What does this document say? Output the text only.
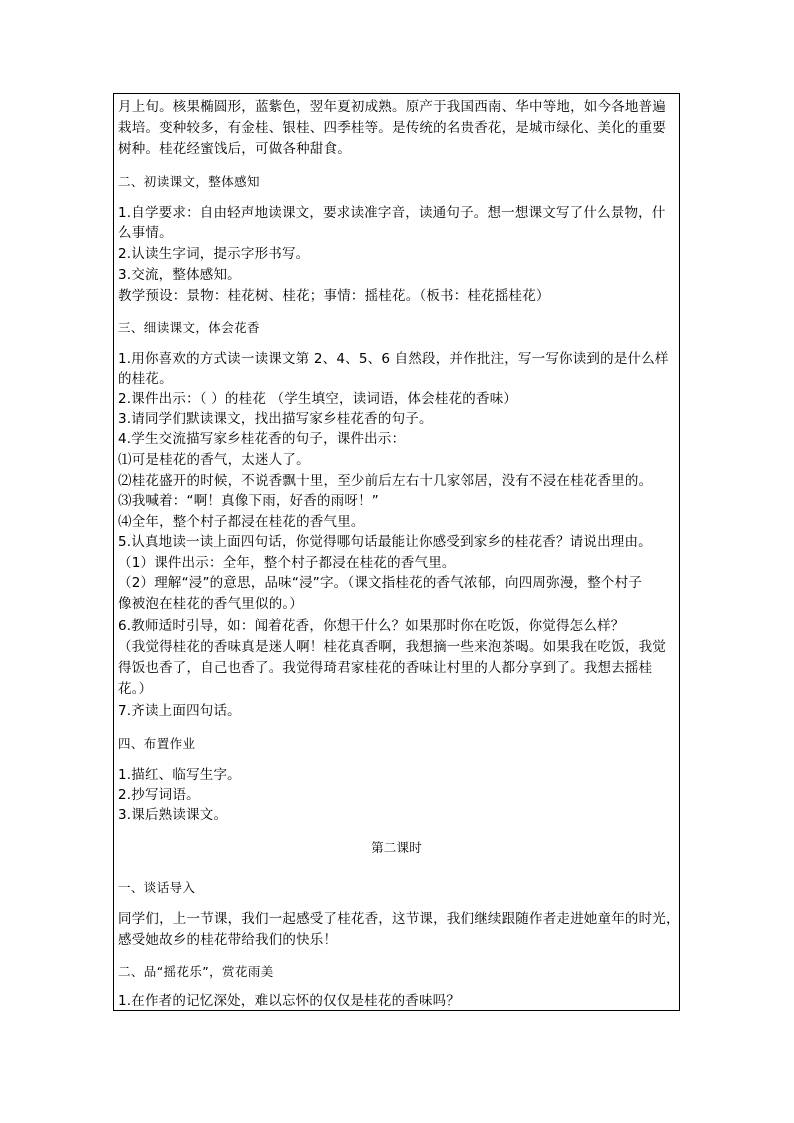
月上旬。核果椭圆形，蓝紫色，翌年夏初成熟。原产于我国西南、华中等地，如今各地普遍
栽培。变种较多，有金桂、银桂、四季桂等。是传统的名贵香花，是城市绿化、美化的重要
树种。桂花经蜜饯后，可做各种甜食。
二、初读课文，整体感知
1.自学要求：自由轻声地读课文，要求读准字音，读通句子。想一想课文写了什么景物，什
么事情。
2.认读生字词，提示字形书写。
3.交流，整体感知。
教学预设：景物：桂花树、桂花；事情：摇桂花。（板书：桂花摇桂花）
三、细读课文，体会花香
1.用你喜欢的方式读一读课文第 2、4、5、6 自然段，并作批注，写一写你读到的是什么样
的桂花。
2.课件出示：（ ）的桂花 （学生填空，读词语，体会桂花的香味）
3.请同学们默读课文，找出描写家乡桂花香的句子。
4.学生交流描写家乡桂花香的句子，课件出示：
⑴可是桂花的香气，太迷人了。
⑵桂花盛开的时候，不说香飘十里，至少前后左右十几家邻居，没有不浸在桂花香里的。
⑶我喊着：“啊！真像下雨，好香的雨呀！”
⑷全年，整个村子都浸在桂花的香气里。
5.认真地读一读上面四句话，你觉得哪句话最能让你感受到家乡的桂花香？请说出理由。
（1）课件出示：全年，整个村子都浸在桂花的香气里。
（2）理解“浸”的意思，品味“浸”字。（课文指桂花的香气浓郁，向四周弥漫，整个村子
像被泡在桂花的香气里似的。）
6.教师适时引导，如：闻着花香，你想干什么？如果那时你在吃饭，你觉得怎么样？
（我觉得桂花的香味真是迷人啊！桂花真香啊，我想摘一些来泡茶喝。如果我在吃饭，我觉
得饭也香了，自己也香了。我觉得琦君家桂花的香味让村里的人都分享到了。我想去摇桂
花。）
7.齐读上面四句话。
四、布置作业
1.描红、临写生字。
2.抄写词语。
3.课后熟读课文。
第二课时
一、谈话导入
同学们，上一节课，我们一起感受了桂花香，这节课，我们继续跟随作者走进她童年的时光，
感受她故乡的桂花带给我们的快乐！
二、品“摇花乐”，赏花雨美
1.在作者的记忆深处，难以忘怀的仅仅是桂花的香味吗？
